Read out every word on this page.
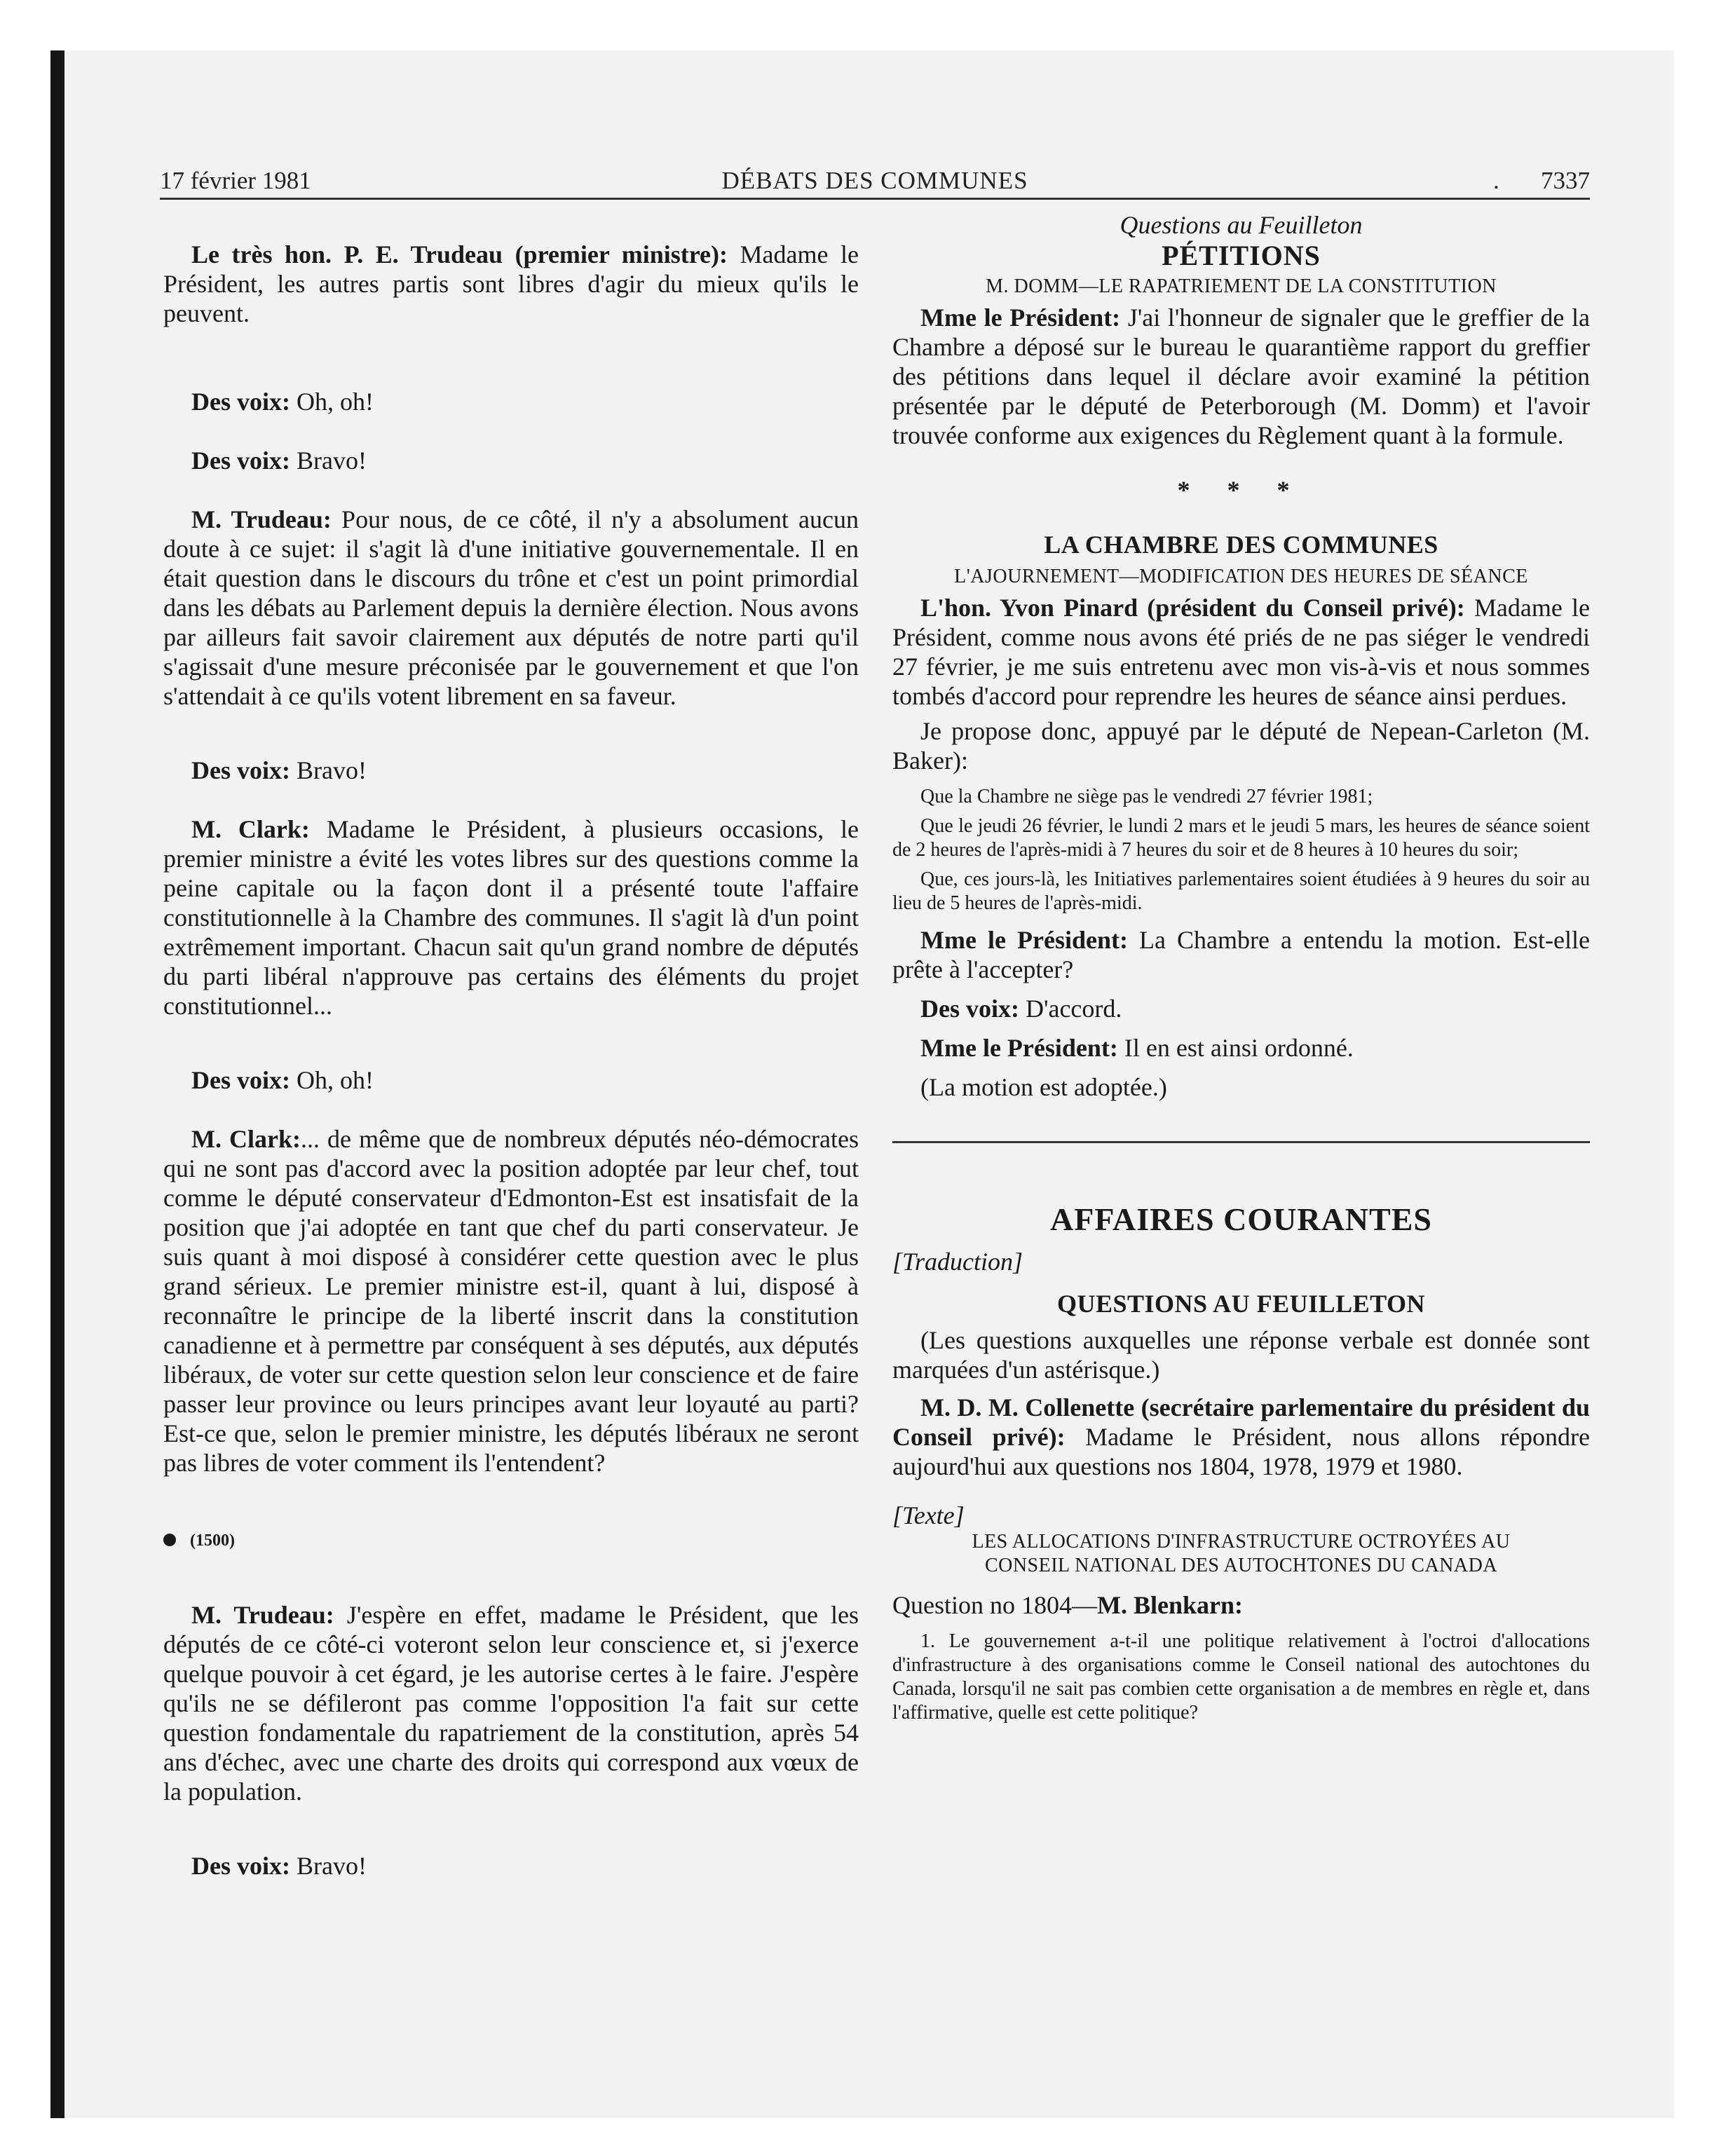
17 février 1981	DÉBATS DES COMMUNES	. 7337

Le très hon. P. E. Trudeau (premier ministre): Madame le Président, les autres partis sont libres d'agir du mieux qu'ils le peuvent.

Des voix: Oh, oh!

Des voix: Bravo!

M. Trudeau: Pour nous, de ce côté, il n'y a absolument aucun doute à ce sujet: il s'agit là d'une initiative gouvernementale. Il en était question dans le discours du trône et c'est un point primordial dans les débats au Parlement depuis la dernière élection. Nous avons par ailleurs fait savoir clairement aux députés de notre parti qu'il s'agissait d'une mesure préconisée par le gouvernement et que l'on s'attendait à ce qu'ils votent librement en sa faveur.

Des voix: Bravo!

M. Clark: Madame le Président, à plusieurs occasions, le premier ministre a évité les votes libres sur des questions comme la peine capitale ou la façon dont il a présenté toute l'affaire constitutionnelle à la Chambre des communes. Il s'agit là d'un point extrêmement important. Chacun sait qu'un grand nombre de députés du parti libéral n'approuve pas certains des éléments du projet constitutionnel...

Des voix: Oh, oh!

M. Clark:... de même que de nombreux députés néo-démocrates qui ne sont pas d'accord avec la position adoptée par leur chef, tout comme le député conservateur d'Edmonton-Est est insatisfait de la position que j'ai adoptée en tant que chef du parti conservateur. Je suis quant à moi disposé à considérer cette question avec le plus grand sérieux. Le premier ministre est-il, quant à lui, disposé à reconnaître le principe de la liberté inscrit dans la constitution canadienne et à permettre par conséquent à ses députés, aux députés libéraux, de voter sur cette question selon leur conscience et de faire passer leur province ou leurs principes avant leur loyauté au parti? Est-ce que, selon le premier ministre, les députés libéraux ne seront pas libres de voter comment ils l'entendent?

(1500)

M. Trudeau: J'espère en effet, madame le Président, que les députés de ce côté-ci voteront selon leur conscience et, si j'exerce quelque pouvoir à cet égard, je les autorise certes à le faire. J'espère qu'ils ne se défileront pas comme l'opposition l'a fait sur cette question fondamentale du rapatriement de la constitution, après 54 ans d'échec, avec une charte des droits qui correspond aux vœux de la population.

Des voix: Bravo!

Questions au Feuilleton

PÉTITIONS

M. DOMM—LE RAPATRIEMENT DE LA CONSTITUTION

Mme le Président: J'ai l'honneur de signaler que le greffier de la Chambre a déposé sur le bureau le quarantième rapport du greffier des pétitions dans lequel il déclare avoir examiné la pétition présentée par le député de Peterborough (M. Domm) et l'avoir trouvée conforme aux exigences du Règlement quant à la formule.

* * *

LA CHAMBRE DES COMMUNES

L'AJOURNEMENT—MODIFICATION DES HEURES DE SÉANCE

L'hon. Yvon Pinard (président du Conseil privé): Madame le Président, comme nous avons été priés de ne pas siéger le vendredi 27 février, je me suis entretenu avec mon vis-à-vis et nous sommes tombés d'accord pour reprendre les heures de séance ainsi perdues.

Je propose donc, appuyé par le député de Nepean-Carleton (M. Baker):

Que la Chambre ne siège pas le vendredi 27 février 1981;

Que le jeudi 26 février, le lundi 2 mars et le jeudi 5 mars, les heures de séance soient de 2 heures de l'après-midi à 7 heures du soir et de 8 heures à 10 heures du soir;

Que, ces jours-là, les Initiatives parlementaires soient étudiées à 9 heures du soir au lieu de 5 heures de l'après-midi.

Mme le Président: La Chambre a entendu la motion. Est-elle prête à l'accepter?

Des voix: D'accord.

Mme le Président: Il en est ainsi ordonné.

(La motion est adoptée.)

AFFAIRES COURANTES

[Traduction]

QUESTIONS AU FEUILLETON

(Les questions auxquelles une réponse verbale est donnée sont marquées d'un astérisque.)

M. D. M. Collenette (secrétaire parlementaire du président du Conseil privé): Madame le Président, nous allons répondre aujourd'hui aux questions nos 1804, 1978, 1979 et 1980.

[Texte]

LES ALLOCATIONS D'INFRASTRUCTURE OCTROYÉES AU

CONSEIL NATIONAL DES AUTOCHTONES DU CANADA

Question no 1804—M. Blenkarn:

1. Le gouvernement a-t-il une politique relativement à l'octroi d'allocations d'infrastructure à des organisations comme le Conseil national des autochtones du Canada, lorsqu'il ne sait pas combien cette organisation a de membres en règle et, dans l'affirmative, quelle est cette politique?
